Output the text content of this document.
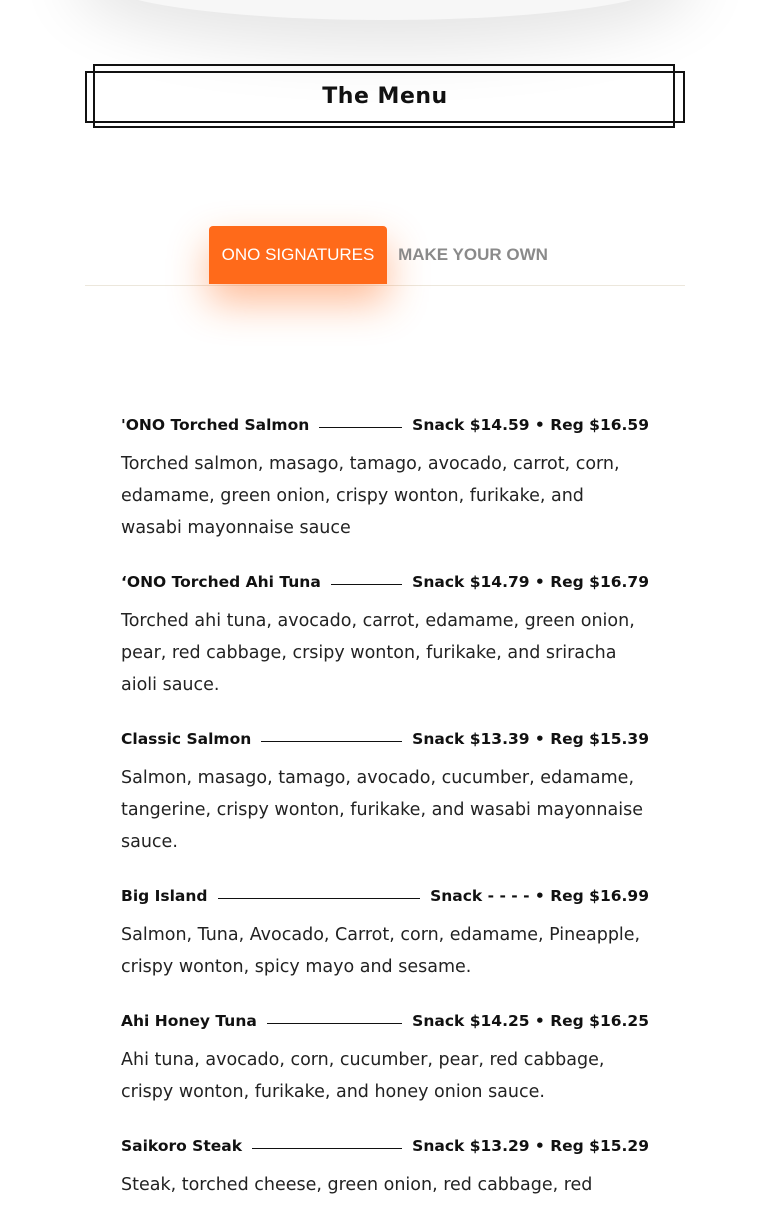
The Menu
ONO SIGNATURES	MAKE YOUR OWN
'ONO Torched Salmon	Snack $14.59 • Reg $16.59
Torched salmon, masago, tamago, avocado, carrot, corn, edamame, green onion, crispy wonton, furikake, and wasabi mayonnaise sauce
‘ONO Torched Ahi Tuna	Snack $14.79 • Reg $16.79
Torched ahi tuna, avocado, carrot, edamame, green onion, pear, red cabbage, crsipy wonton, furikake, and sriracha aioli sauce.
Classic Salmon	Snack $13.39 • Reg $15.39
Salmon, masago, tamago, avocado, cucumber, edamame, tangerine, crispy wonton, furikake, and wasabi mayonnaise sauce.
Big Island	Snack - - - - • Reg $16.99
Salmon, Tuna, Avocado, Carrot, corn, edamame, Pineapple, crispy wonton, spicy mayo and sesame.
Ahi Honey Tuna	Snack $14.25 • Reg $16.25
Ahi tuna, avocado, corn, cucumber, pear, red cabbage, crispy wonton, furikake, and honey onion sauce.
Saikoro Steak	Snack $13.29 • Reg $15.29
Steak, torched cheese, green onion, red cabbage, red
